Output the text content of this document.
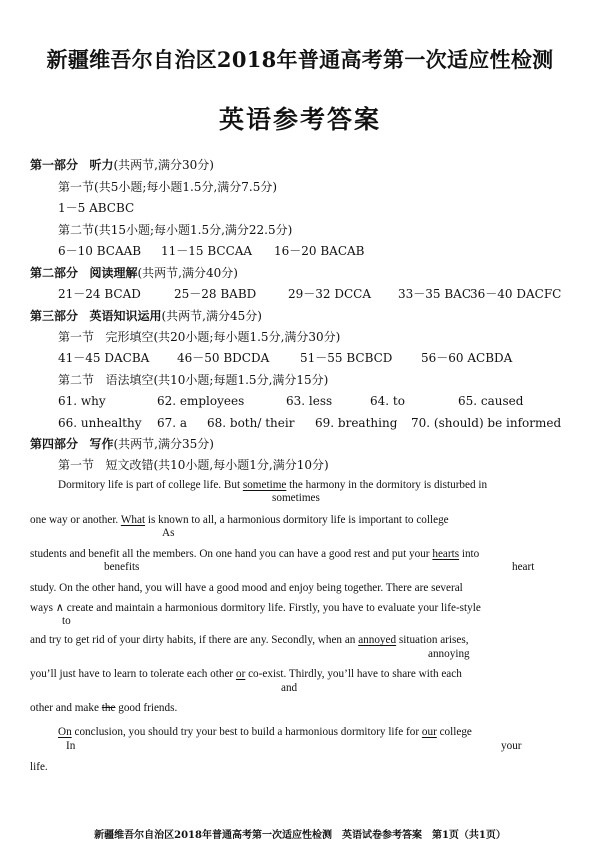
新疆维吾尔自治区2018年普通高考第一次适应性检测
英语参考答案
第一部分 听力(共两节,满分30分)
第一节(共5小题;每小题1.5分,满分7.5分)
1－5 ABCBC
第二节(共15小题;每小题1.5分,满分22.5分)
6－10 BCAAB 11－15 BCCAA 16－20 BACAB
第二部分 阅读理解(共两节,满分40分)
21－24 BCAD	25－28 BABD	29－32 DCCA 33－35 BAC
36－40 DACFC
第三部分 英语知识运用(共两节,满分45分)
第一节 完形填空(共20小题;每小题1.5分,满分30分)
41－45 DACBA 46－50 BDCDA	51－55 BCBCD 56－60 ACBDA
第二节 语法填空(共10小题;每题1.5分,满分15分)
61. why	62. employees	63. less	64. to	65. caused
66. unhealthy 67. a 68. both/ their 69. breathing 70. (should) be informed
第四部分 写作(共两节,满分35分)
第一节 短文改错(共10小题,每小题1分,满分10分)
Dormitory life is part of college life. But sometime the harmony in the dormitory is disturbed in
sometimes
one way or another. What is known to all, a harmonious dormitory life is important to college
As
students and benefit all the members. On one hand you can have a good rest and put your hearts into
benefits	heart
study. On the other hand, you will have a good mood and enjoy being together. There are several
ways ∧ create and maintain a harmonious dormitory life. Firstly, you have to evaluate your life-style
to
and try to get rid of your dirty habits, if there are any. Secondly, when an annoyed situation arises,
annoying
you’ll just have to learn to tolerate each other or co-exist. Thirdly, you’ll have to share with each
and
other and make the good friends.
On conclusion, you should try your best to build a harmonious dormitory life for our college
In	your
life.
新疆维吾尔自治区2018年普通高考第一次适应性检测　英语试卷参考答案　第1页（共1页）
